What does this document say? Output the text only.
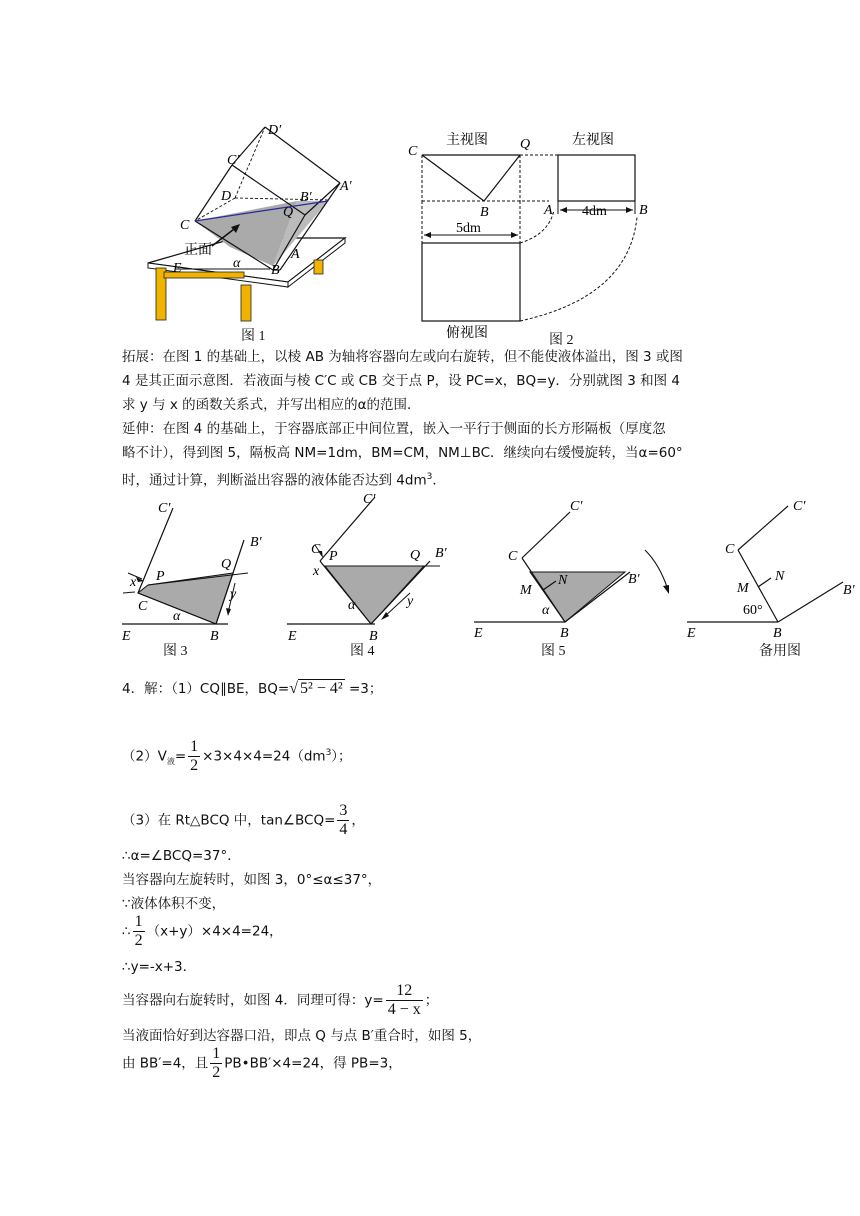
D′
C′
D	B′
A′
Q
C
正面
E	α B
A
图 1
主视图	左视图
俯视图
C	Q
B	A	B
5dm
4dm
图 2
拓展：在图 1 的基础上，以棱 AB 为轴将容器向左或向右旋转，但不能使液体溢出，图 3 或图
4 是其正面示意图．若液面与棱 C′C 或 CB 交于点 P，设 PC=x，BQ=y．分别就图 3 和图 4
求 y 与 x 的函数关系式，并写出相应的α的范围．
延伸：在图 4 的基础上，于容器底部正中间位置，嵌入一平行于侧面的长方形隔板（厚度忽
略不计），得到图 5，隔板高 NM=1dm，BM=CM，NM⊥BC．继续向右缓慢旋转，当α=60°
时，通过计算，判断溢出容器的液体能否达到 $4dm^3$．
C′
B′
P
Q
x
C
y
α
E	B
图 3
C′
C P	Q B′
x
y
α
E	B
图 4
C′
C
M
N	B′
α
E	B
图 5
C′
C
M
N
B′
60°
E	B
备用图
4．解：（1）CQ∥BE，BQ=√ 5² − 4² =3；
$(2)V_液= \frac{1}{2} \times 3\times 4\times 4=24(dm^3)$；
（3）在 Rt△BCQ 中，tan∠BCQ= $\frac{3}{4}$ ，
∴α=∠BCQ=37°．
当容器向左旋转时，如图 3，0°≤α≤37°，
∵液体体积不变，
∴ $\frac{1}{2} (x+y)\times 4\times 4=24$，
∴y=-x+3．
当容器向右旋转时，如图 4．同理可得：$y= \frac{12}{4 - x}$ ；
当液面恰好到达容器口沿，即点 Q 与点 B′重合时，如图 5，
由 BB′=4，且 $\frac{1}{2}$ PB•BB′×4=24，得 PB=3，
